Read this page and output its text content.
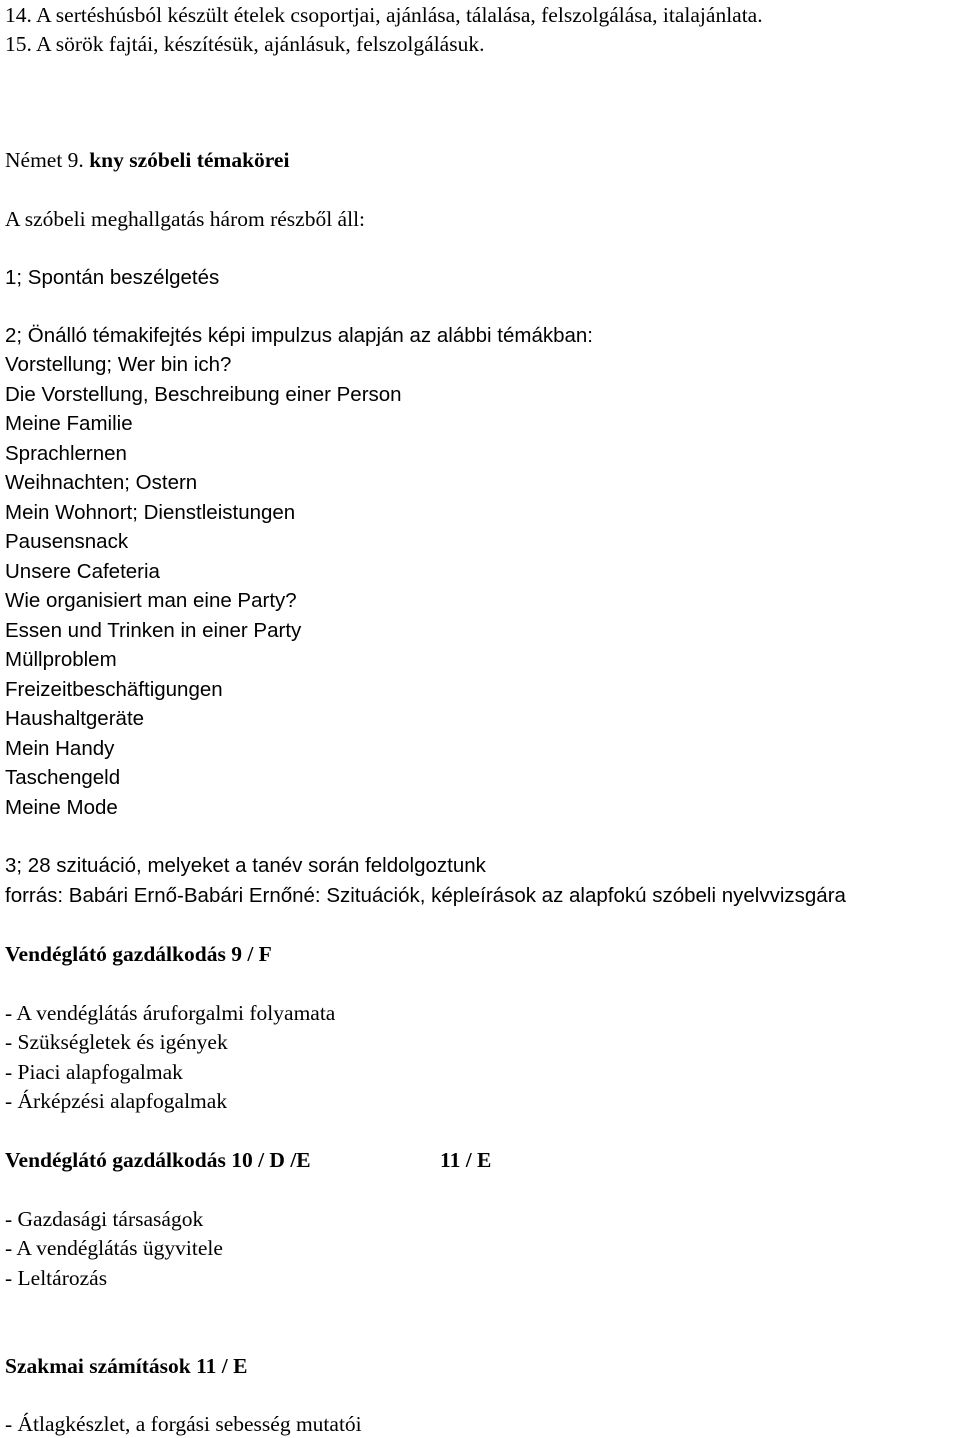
14. A sertéshúsból készült ételek csoportjai, ajánlása, tálalása, felszolgálása, italajánlata.
15. A sörök fajtái, készítésük, ajánlásuk, felszolgálásuk.
Német 9. kny szóbeli témakörei
A szóbeli meghallgatás három részből áll:
1; Spontán beszélgetés
2; Önálló témakifejtés képi impulzus alapján az alábbi témákban:
Vorstellung; Wer bin ich?
Die Vorstellung, Beschreibung einer Person
Meine Familie
Sprachlernen
Weihnachten; Ostern
Mein Wohnort; Dienstleistungen
Pausensnack
Unsere Cafeteria
Wie organisiert man eine Party?
Essen und Trinken in einer Party
Müllproblem
Freizeitbeschäftigungen
Haushaltgeräte
Mein Handy
Taschengeld
Meine Mode
3; 28 szituáció, melyeket a tanév során feldolgoztunk
forrás: Babári Ernő-Babári Ernőné: Szituációk, képleírások az alapfokú szóbeli nyelvvizsgára
Vendéglátó gazdálkodás 9 / F
- A vendéglátás áruforgalmi folyamata
- Szükségletek és igények
- Piaci alapfogalmak
- Árképzési alapfogalmak
Vendéglátó gazdálkodás 10 / D /E	11 / E
- Gazdasági társaságok
- A vendéglátás ügyvitele
- Leltározás
Szakmai számítások 11 / E
- Átlagkészlet, a forgási sebesség mutatói
